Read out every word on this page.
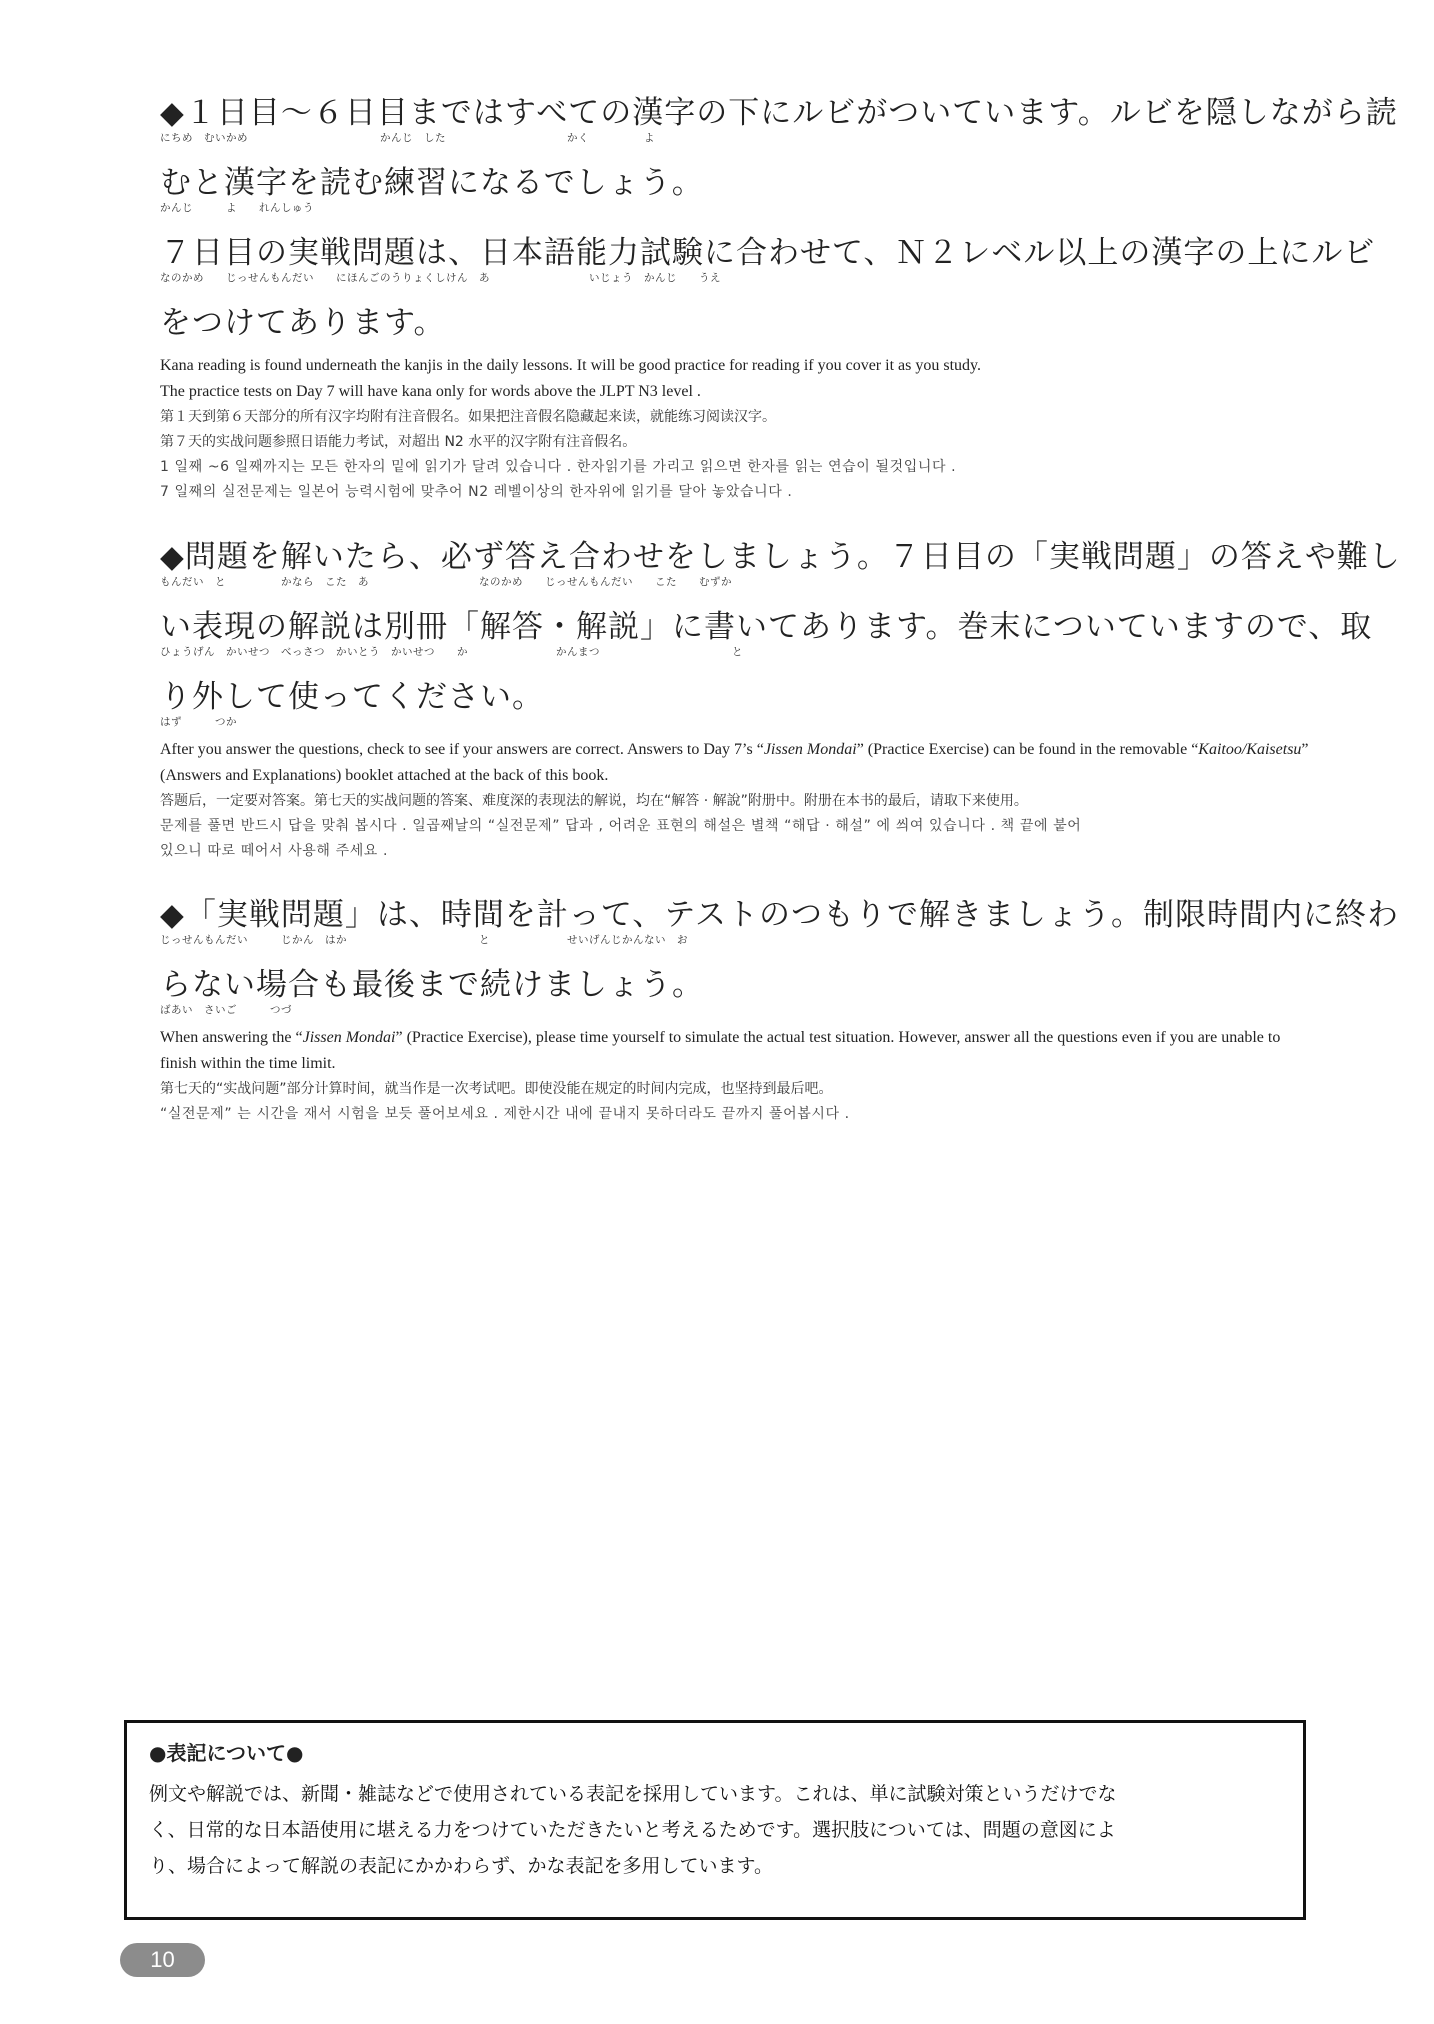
◆１日目〜６日目まではすべての漢字の下にルビがついています。ルビを隠しながら読
にちめ　むいかめ　　　　　　　　　　　　かんじ　した　　　　　　　　　　　かく　　　　　よ
むと漢字を読む練習になるでしょう。
かんじ　　　よ　　れんしゅう
７日目の実戦問題は、日本語能力試験に合わせて、Ｎ２レベル以上の漢字の上にルビ
なのかめ　　じっせんもんだい　　にほんごのうりょくしけん　あ　　　　　　　　　いじょう　かんじ　　うえ
をつけてあります。
Kana reading is found underneath the kanjis in the daily lessons. It will be good practice for reading if you cover it as you study.
The practice tests on Day 7 will have kana only for words above the JLPT N3 level .
第１天到第６天部分的所有汉字均附有注音假名。如果把注音假名隐藏起来读，就能练习阅读汉字。
第７天的实战问题参照日语能力考试，对超出 N2 水平的汉字附有注音假名。
1 일째 ~6 일째까지는 모든 한자의 밑에 읽기가 달려 있습니다 . 한자읽기를 가리고 읽으면 한자를 읽는 연습이 될것입니다 .
7 일째의 실전문제는 일본어 능력시험에 맞추어 N2 레벨이상의 한자위에 읽기를 달아 놓았습니다 .
◆問題を解いたら、必ず答え合わせをしましょう。７日目の「実戦問題」の答えや難し
もんだい　と　　　　　かなら　こた　あ　　　　　　　　　　なのかめ　　じっせんもんだい　　こた　　むずか
い表現の解説は別冊「解答・解説」に書いてあります。巻末についていますので、取
ひょうげん　かいせつ　べっさつ　かいとう　かいせつ　　か　　　　　　　　かんまつ　　　　　　　　　　　　と
り外して使ってください。
はず　　　つか
After you answer the questions, check to see if your answers are correct. Answers to Day 7’s “Jissen Mondai” (Practice Exercise) can be found in the removable “Kaitoo/Kaisetsu” (Answers and Explanations) booklet attached at the back of this book.
答题后，一定要对答案。第七天的实战问题的答案、难度深的表现法的解说，均在“解答 · 解說”附册中。附册在本书的最后，请取下来使用。
문제를 풀면 반드시 답을 맞춰 봅시다 . 일곱째날의 “실전문제” 답과 , 어려운 표현의 해설은 별책 “해답 · 해설” 에 씌여 있습니다 . 책 끝에 붙어
있으니 따로 떼어서 사용해 주세요 .
◆「実戦問題」は、時間を計って、テストのつもりで解きましょう。制限時間内に終わ
じっせんもんだい　　　じかん　はか　　　　　　　　　　　　と　　　　　　　せいげんじかんない　お
らない場合も最後まで続けましょう。
ばあい　さいご　　　つづ
When answering the “Jissen Mondai” (Practice Exercise), please time yourself to simulate the actual test situation. However, answer all the questions even if you are unable to finish within the time limit.
第七天的“实战问题”部分计算时间，就当作是一次考试吧。即使没能在规定的时间内完成，也坚持到最后吧。
“실전문제” 는 시간을 재서 시험을 보듯 풀어보세요 . 제한시간 내에 끝내지 못하더라도 끝까지 풀어봅시다 .
●表記について●
例文や解説では、新聞・雑誌などで使用されている表記を採用しています。これは、単に試験対策というだけでな
く、日常的な日本語使用に堪える力をつけていただきたいと考えるためです。選択肢については、問題の意図によ
り、場合によって解説の表記にかかわらず、かな表記を多用しています。
10
